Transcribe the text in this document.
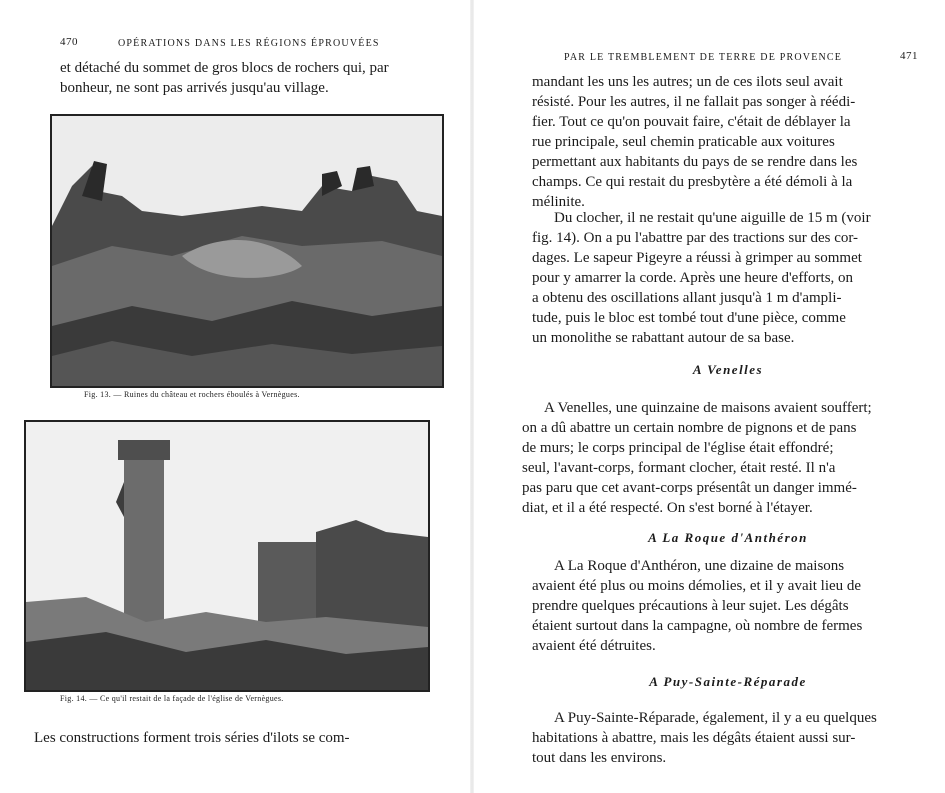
470	OPÉRATIONS DANS LES RÉGIONS ÉPROUVÉES

et détaché du sommet de gros blocs de rochers qui, par

bonheur, ne sont pas arrivés jusqu'au village.

Fig. 13. — Ruines du château et rochers éboulés à Vernègues.
Fig. 14. — Ce qu'il restait de la façade de l'église de Vernègues.

Les constructions forment trois séries d'ilots se com-

PAR LE TREMBLEMENT DE TERRE DE PROVENCE	471

mandant les uns les autres; un de ces ilots seul avait

résisté. Pour les autres, il ne fallait pas songer à réédi-

fier. Tout ce qu'on pouvait faire, c'était de déblayer la

rue principale, seul chemin praticable aux voitures

permettant aux habitants du pays de se rendre dans les

champs. Ce qui restait du presbytère a été démoli à la

mélinite.

Du clocher, il ne restait qu'une aiguille de 15 m (voir

fig. 14). On a pu l'abattre par des tractions sur des cor-

dages. Le sapeur Pigeyre a réussi à grimper au sommet

pour y amarrer la corde. Après une heure d'efforts, on

a obtenu des oscillations allant jusqu'à 1 m d'ampli-

tude, puis le bloc est tombé tout d'une pièce, comme

un monolithe se rabattant autour de sa base.

A Venelles

A Venelles, une quinzaine de maisons avaient souffert;

on a dû abattre un certain nombre de pignons et de pans

de murs; le corps principal de l'église était effondré;

seul, l'avant-corps, formant clocher, était resté. Il n'a

pas paru que cet avant-corps présentât un danger immé-

diat, et il a été respecté. On s'est borné à l'étayer.

A La Roque d'Anthéron

A La Roque d'Anthéron, une dizaine de maisons

avaient été plus ou moins démolies, et il y avait lieu de

prendre quelques précautions à leur sujet. Les dégâts

étaient surtout dans la campagne, où nombre de fermes

avaient été détruites.

A Puy-Sainte-Réparade

A Puy-Sainte-Réparade, également, il y a eu quelques

habitations à abattre, mais les dégâts étaient aussi sur-

tout dans les environs.
